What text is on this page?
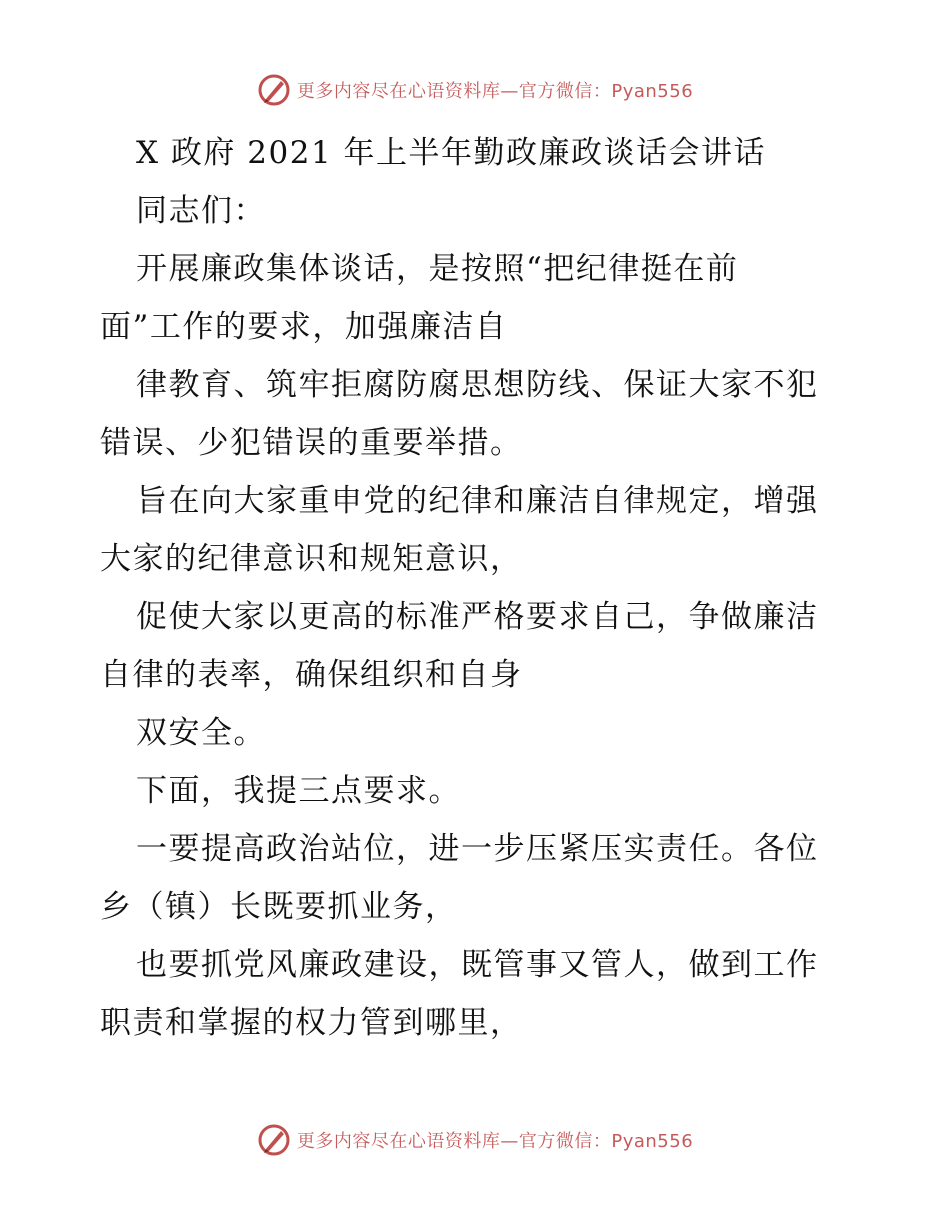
更多内容尽在心语资料库—官方微信：Pyan556
X 政府 2021 年上半年勤政廉政谈话会讲话
同志们：
开展廉政集体谈话，是按照“把纪律挺在前
面”工作的要求，加强廉洁自
律教育、筑牢拒腐防腐思想防线、保证大家不犯
错误、少犯错误的重要举措。
旨在向大家重申党的纪律和廉洁自律规定，增强
大家的纪律意识和规矩意识，
促使大家以更高的标准严格要求自己，争做廉洁
自律的表率，确保组织和自身
双安全。
下面，我提三点要求。
一要提高政治站位，进一步压紧压实责任。各位
乡（镇）长既要抓业务，
也要抓党风廉政建设，既管事又管人，做到工作
职责和掌握的权力管到哪里，
更多内容尽在心语资料库—官方微信：Pyan556
